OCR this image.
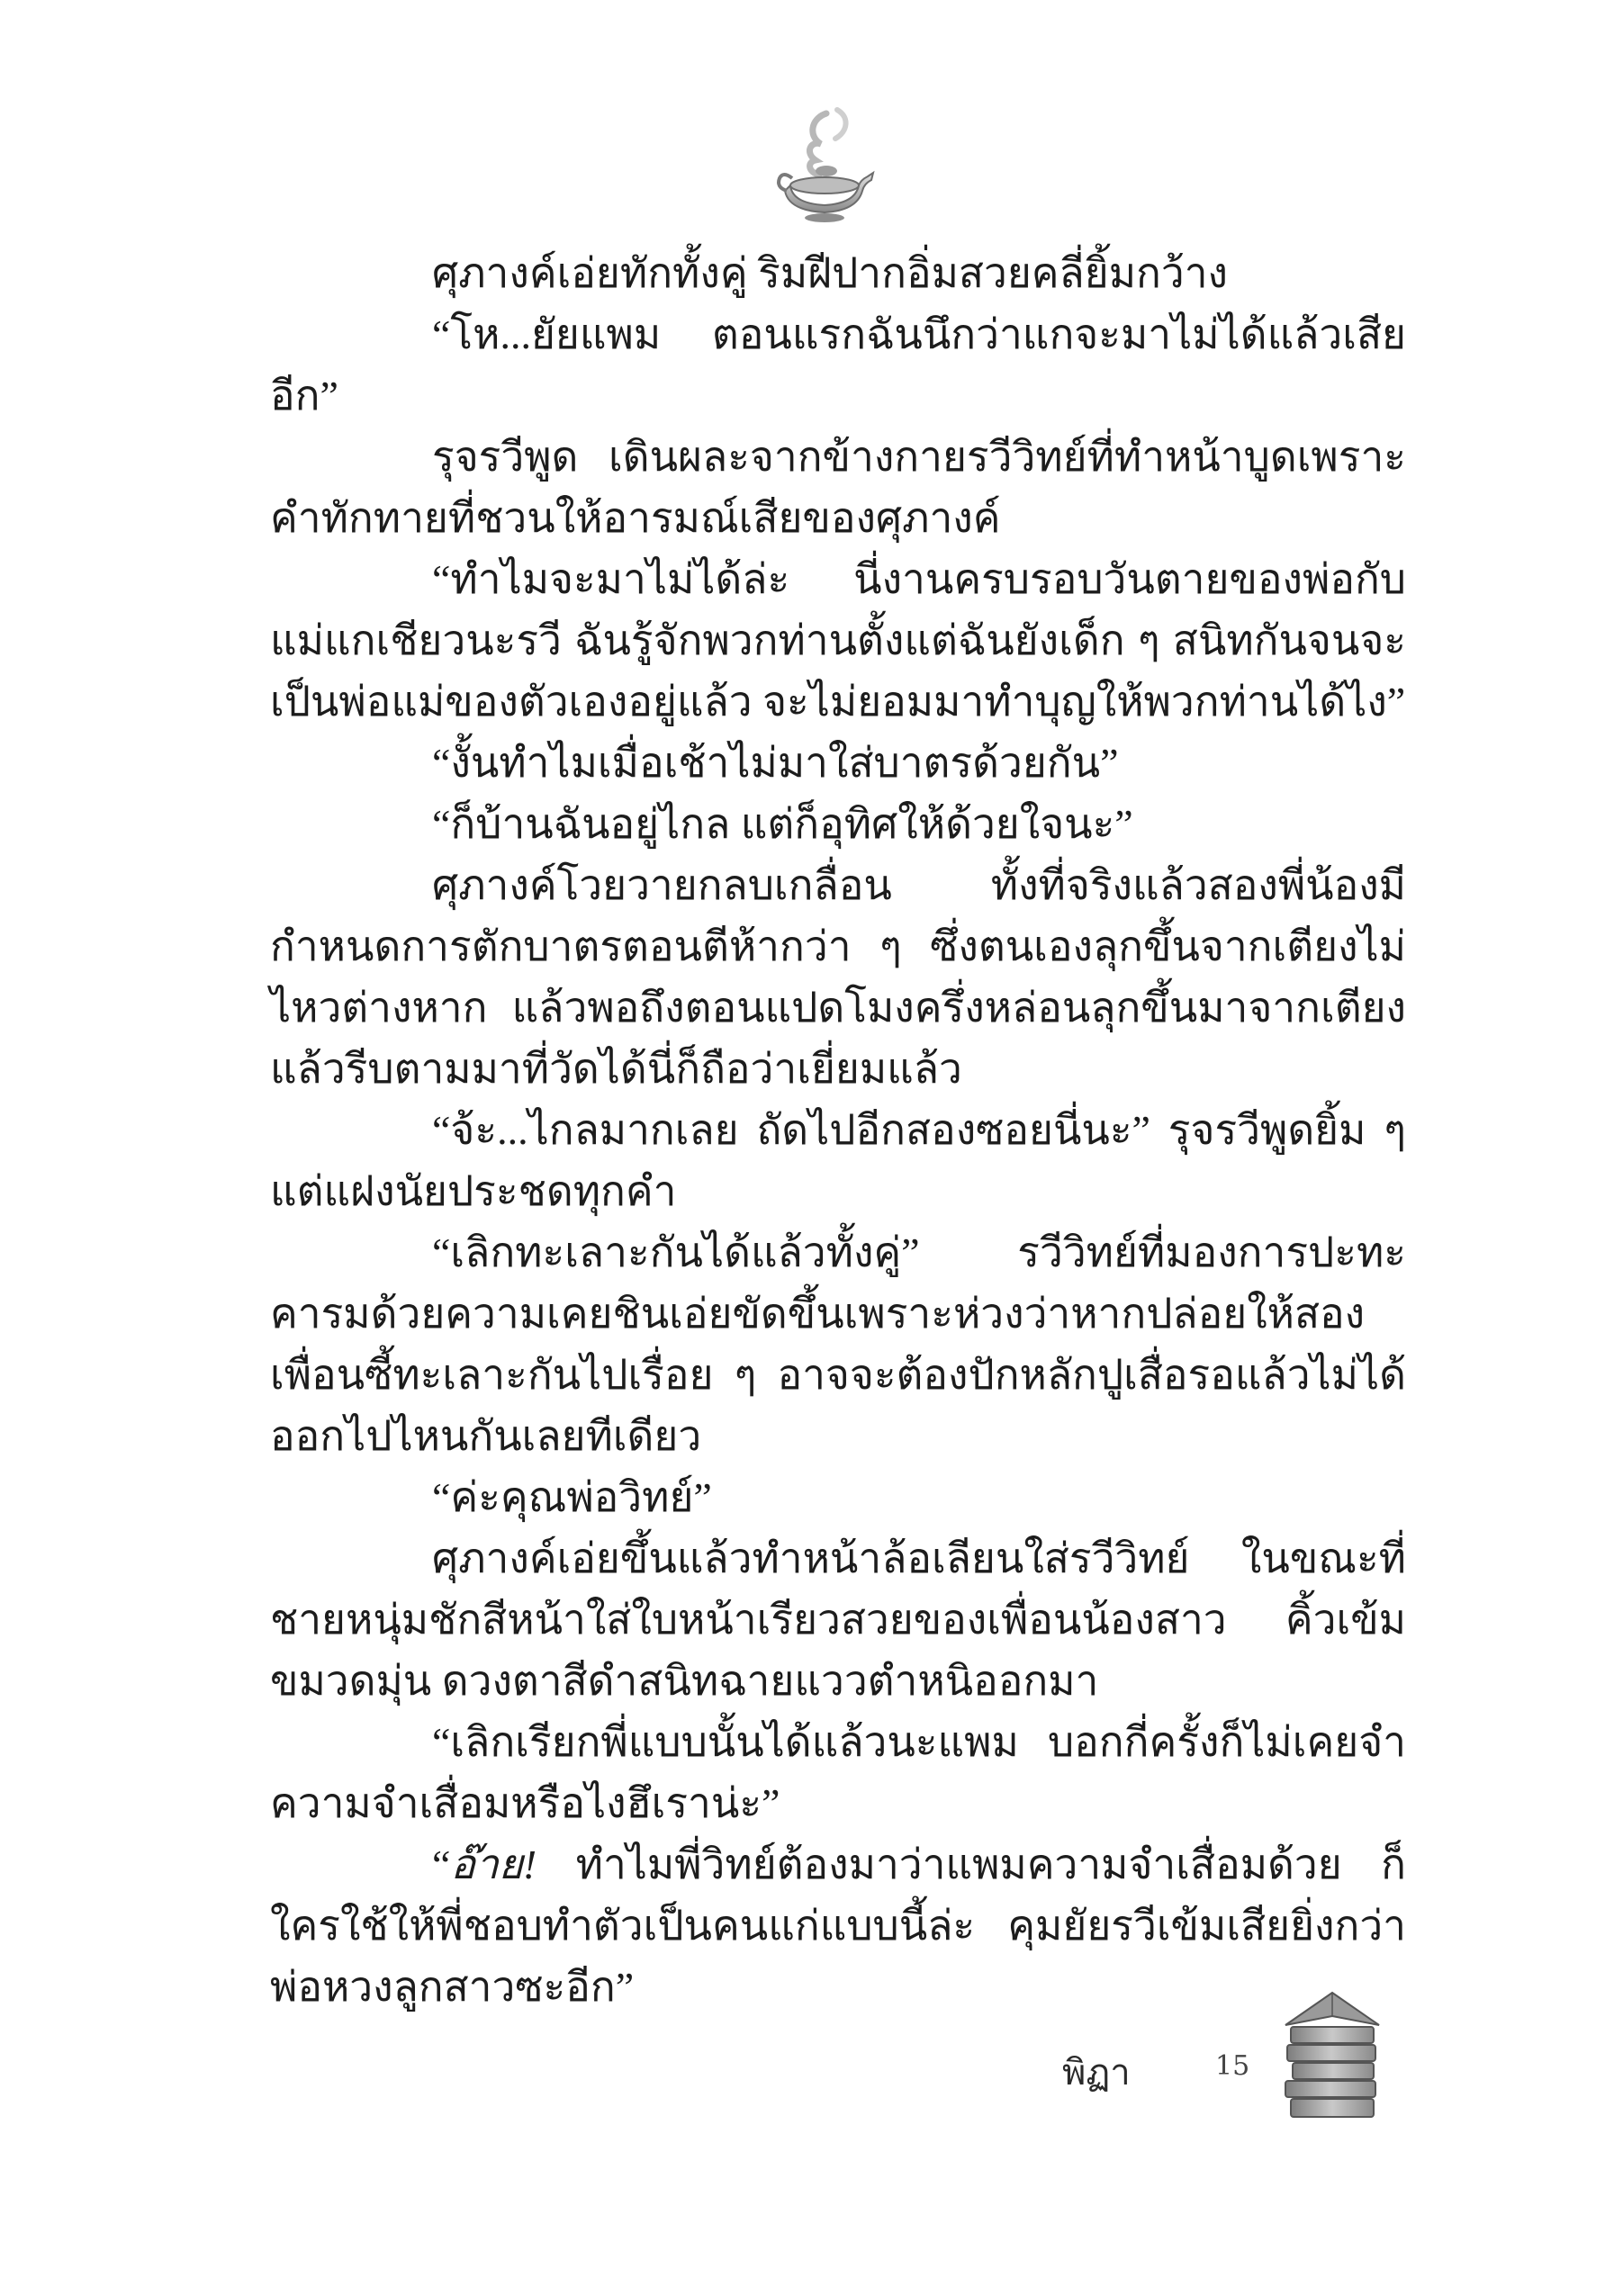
ศุภางค์เอ่ยทักทั้งคู่ ริมฝีปากอิ่มสวยคลี่ยิ้มกว้าง

“โห...ยัยแพม ตอนแรกฉันนึกว่าแกจะมาไม่ได้แล้วเสียอีก”

รุจรวีพูด เดินผละจากข้างกายรวีวิทย์ที่ทำหน้าบูดเพราะคำทักทายที่ชวนให้อารมณ์เสียของศุภางค์

“ทำไมจะมาไม่ได้ล่ะ นี่งานครบรอบวันตายของพ่อกับแม่แกเชียวนะรวี ฉันรู้จักพวกท่านตั้งแต่ฉันยังเด็ก ๆ สนิทกันจนจะเป็นพ่อแม่ของตัวเองอยู่แล้ว จะไม่ยอมมาทำบุญให้พวกท่านได้ไง”

“งั้นทำไมเมื่อเช้าไม่มาใส่บาตรด้วยกัน”

“ก็บ้านฉันอยู่ไกล แต่ก็อุทิศให้ด้วยใจนะ”

ศุภางค์โวยวายกลบเกลื่อน ทั้งที่จริงแล้วสองพี่น้องมีกำหนดการตักบาตรตอนตีห้ากว่า ๆ ซึ่งตนเองลุกขึ้นจากเตียงไม่ไหวต่างหาก แล้วพอถึงตอนแปดโมงครึ่งหล่อนลุกขึ้นมาจากเตียงแล้วรีบตามมาที่วัดได้นี่ก็ถือว่าเยี่ยมแล้ว

“จ้ะ...ไกลมากเลย ถัดไปอีกสองซอยนี่นะ” รุจรวีพูดยิ้ม ๆ แต่แฝงนัยประชดทุกคำ

“เลิกทะเลาะกันได้แล้วทั้งคู่” รวีวิทย์ที่มองการปะทะคารมด้วยความเคยชินเอ่ยขัดขึ้นเพราะห่วงว่าหากปล่อยให้สองเพื่อนซี้ทะเลาะกันไปเรื่อย ๆ อาจจะต้องปักหลักปูเสื่อรอแล้วไม่ได้ออกไปไหนกันเลยทีเดียว

“ค่ะคุณพ่อวิทย์”

ศุภางค์เอ่ยขึ้นแล้วทำหน้าล้อเลียนใส่รวีวิทย์ ในขณะที่ชายหนุ่มชักสีหน้าใส่ใบหน้าเรียวสวยของเพื่อนน้องสาว คิ้วเข้มขมวดมุ่น ดวงตาสีดำสนิทฉายแววตำหนิออกมา

“เลิกเรียกพี่แบบนั้นได้แล้วนะแพม บอกกี่ครั้งก็ไม่เคยจำความจำเสื่อมหรือไงฮึเราน่ะ”

“อ๊าย! ทำไมพี่วิทย์ต้องมาว่าแพมความจำเสื่อมด้วย ก็ใครใช้ให้พี่ชอบทำตัวเป็นคนแก่แบบนี้ล่ะ คุมยัยรวีเข้มเสียยิ่งกว่าพ่อหวงลูกสาวซะอีก”

พิฏา	15
